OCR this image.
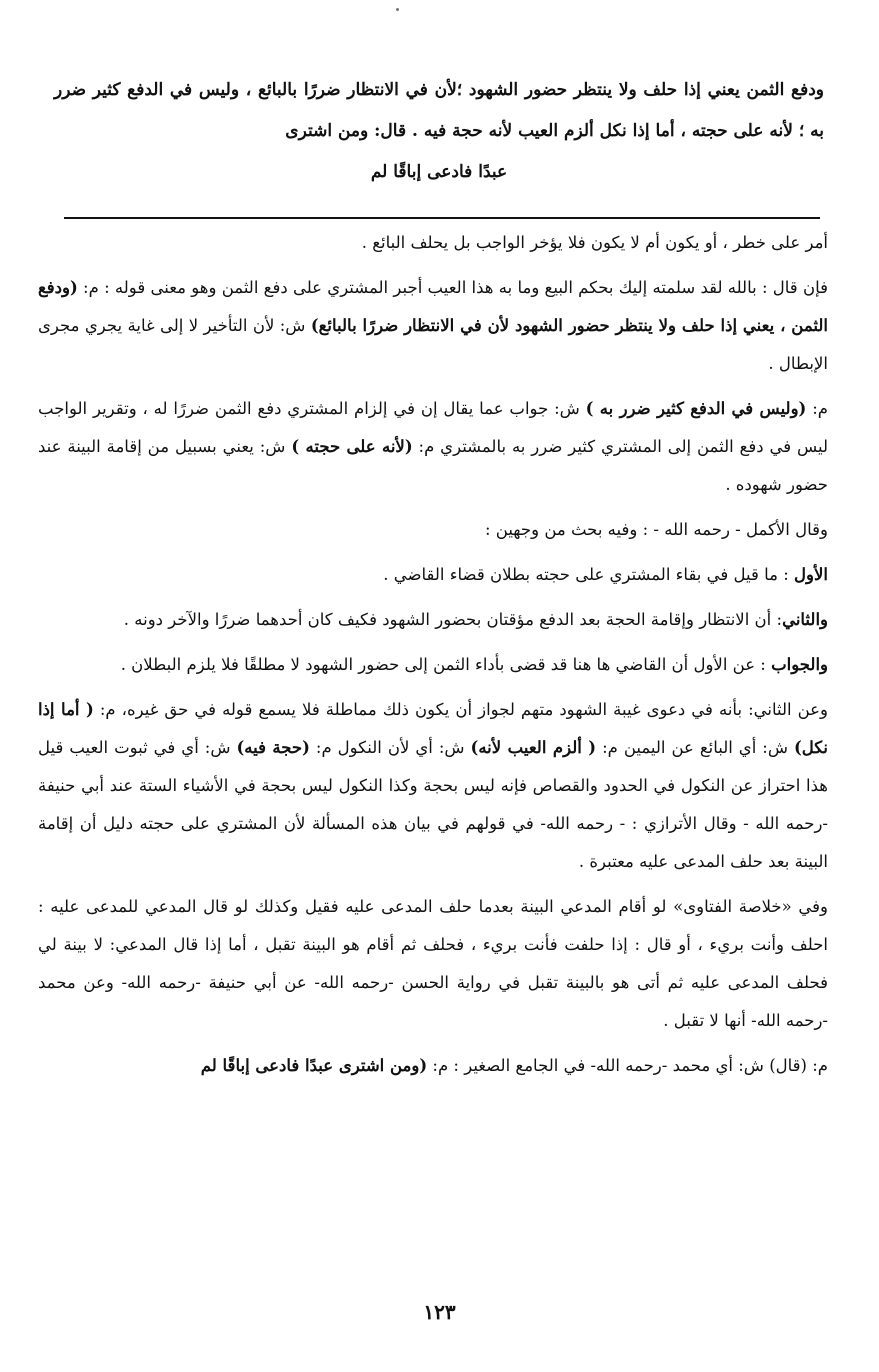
ودفع الثمن يعني إذا حلف ولا ينتظر حضور الشهود ؛لأن في الانتظار ضررًا بالبائع ، وليس في الدفع كثير ضرر به ؛ لأنه على حجته ، أما إذا نكل ألزم العيب لأنه حجة فيه . قال: ومن اشترى

عبدًا فادعى إباقًا لم

أمر على خطر ، أو يكون أم لا يكون فلا يؤخر الواجب بل يحلف البائع .

فإن قال : بالله لقد سلمته إليك بحكم البيع وما به هذا العيب أجبر المشتري على دفع الثمن وهو معنى قوله : م: (ودفع الثمن ، يعني إذا حلف ولا ينتظر حضور الشهود لأن في الانتظار ضررًا بالبائع) ش: لأن التأخير لا إلى غاية يجري مجرى الإبطال .

م: (وليس في الدفع كثير ضرر به ) ش: جواب عما يقال إن في إلزام المشتري دفع الثمن ضررًا له ، وتقرير الواجب ليس في دفع الثمن إلى المشتري كثير ضرر به بالمشتري م: (لأنه على حجته ) ش: يعني بسبيل من إقامة البينة عند حضور شهوده .

وقال الأكمل - رحمه الله - : وفيه بحث من وجهين :

الأول : ما قيل في بقاء المشتري على حجته بطلان قضاء القاضي .

والثاني: أن الانتظار وإقامة الحجة بعد الدفع مؤقتان بحضور الشهود فكيف كان أحدهما ضررًا والآخر دونه .

والجواب : عن الأول أن القاضي ها هنا قد قضى بأداء الثمن إلى حضور الشهود لا مطلقًا فلا يلزم البطلان .

وعن الثاني: بأنه في دعوى غيبة الشهود متهم لجواز أن يكون ذلك مماطلة فلا يسمع قوله في حق غيره، م: ( أما إذا نكل) ش: أي البائع عن اليمين م: ( ألزم العيب لأنه) ش: أي لأن النكول م: (حجة فيه) ش: أي في ثبوت العيب قيل هذا احتراز عن النكول في الحدود والقصاص فإنه ليس بحجة وكذا النكول ليس بحجة في الأشياء الستة عند أبي حنيفة -رحمه الله - وقال الأترازي : - رحمه الله- في قولهم في بيان هذه المسألة لأن المشتري على حجته دليل أن إقامة البينة بعد حلف المدعى عليه معتبرة .

وفي «خلاصة الفتاوى» لو أقام المدعي البينة بعدما حلف المدعى عليه فقيل وكذلك لو قال المدعي للمدعى عليه : احلف وأنت بريء ، أو قال : إذا حلفت فأنت بريء ، فحلف ثم أقام هو البينة تقبل ، أما إذا قال المدعي: لا بينة لي فحلف المدعى عليه ثم أتى هو بالبينة تقبل في رواية الحسن -رحمه الله- عن أبي حنيفة -رحمه الله- وعن محمد -رحمه الله- أنها لا تقبل .

م: (قال) ش: أي محمد -رحمه الله- في الجامع الصغير : م: (ومن اشترى عبدًا فادعى إباقًا لم

١٢٣
